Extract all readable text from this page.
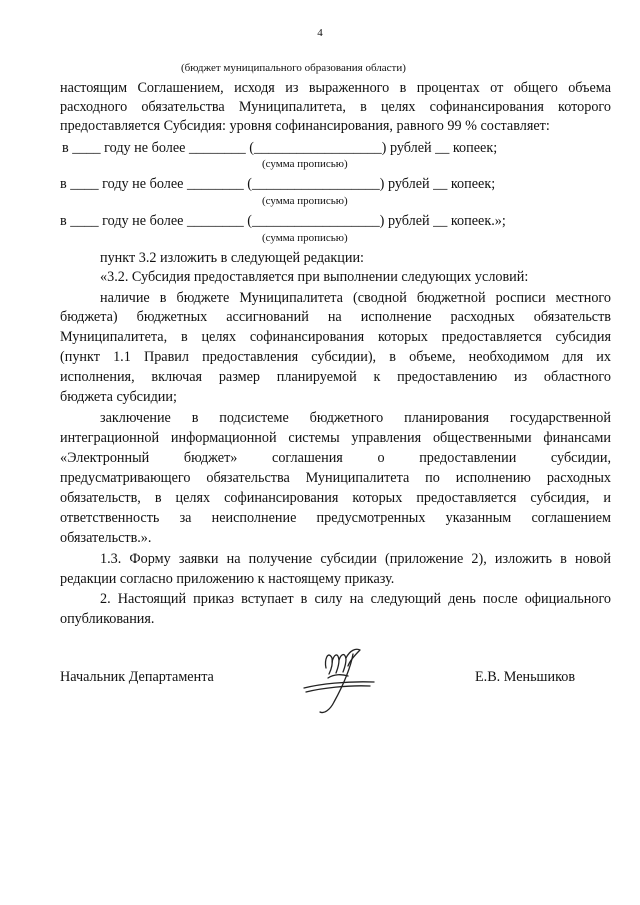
4
(бюджет муниципального образования области)
настоящим Соглашением, исходя из выраженного в процентах от общего объема
расходного обязательства Муниципалитета, в целях софинансирования которого
предоставляется Субсидия: уровня софинансирования, равного 99 % составляет:
в ____ году не более ________ (__________________) рублей __ копеек;
(сумма прописью)
в ____ году не более ________ (__________________) рублей __ копеек;
(сумма прописью)
в ____ году не более ________ (__________________) рублей __ копеек.»;
(сумма прописью)
пункт 3.2 изложить в следующей редакции:
«3.2. Субсидия предоставляется при выполнении следующих условий:
наличие в бюджете Муниципалитета (сводной бюджетной росписи местного
бюджета) бюджетных ассигнований на исполнение расходных обязательств
Муниципалитета, в целях софинансирования которых предоставляется субсидия
(пункт 1.1 Правил предоставления субсидии), в объеме, необходимом для их
исполнения, включая размер планируемой к предоставлению из областного
бюджета субсидии;
заключение в подсистеме бюджетного планирования государственной
интеграционной информационной системы управления общественными финансами
«Электронный бюджет» соглашения о предоставлении субсидии,
предусматривающего обязательства Муниципалитета по исполнению расходных
обязательств, в целях софинансирования которых предоставляется субсидия, и
ответственность за неисполнение предусмотренных указанным соглашением
обязательств.».
1.3. Форму заявки на получение субсидии (приложение 2), изложить в новой
редакции согласно приложению к настоящему приказу.
2. Настоящий приказ вступает в силу на следующий день после официального
опубликования.
Начальник Департамента	Е.В. Меньшиков
